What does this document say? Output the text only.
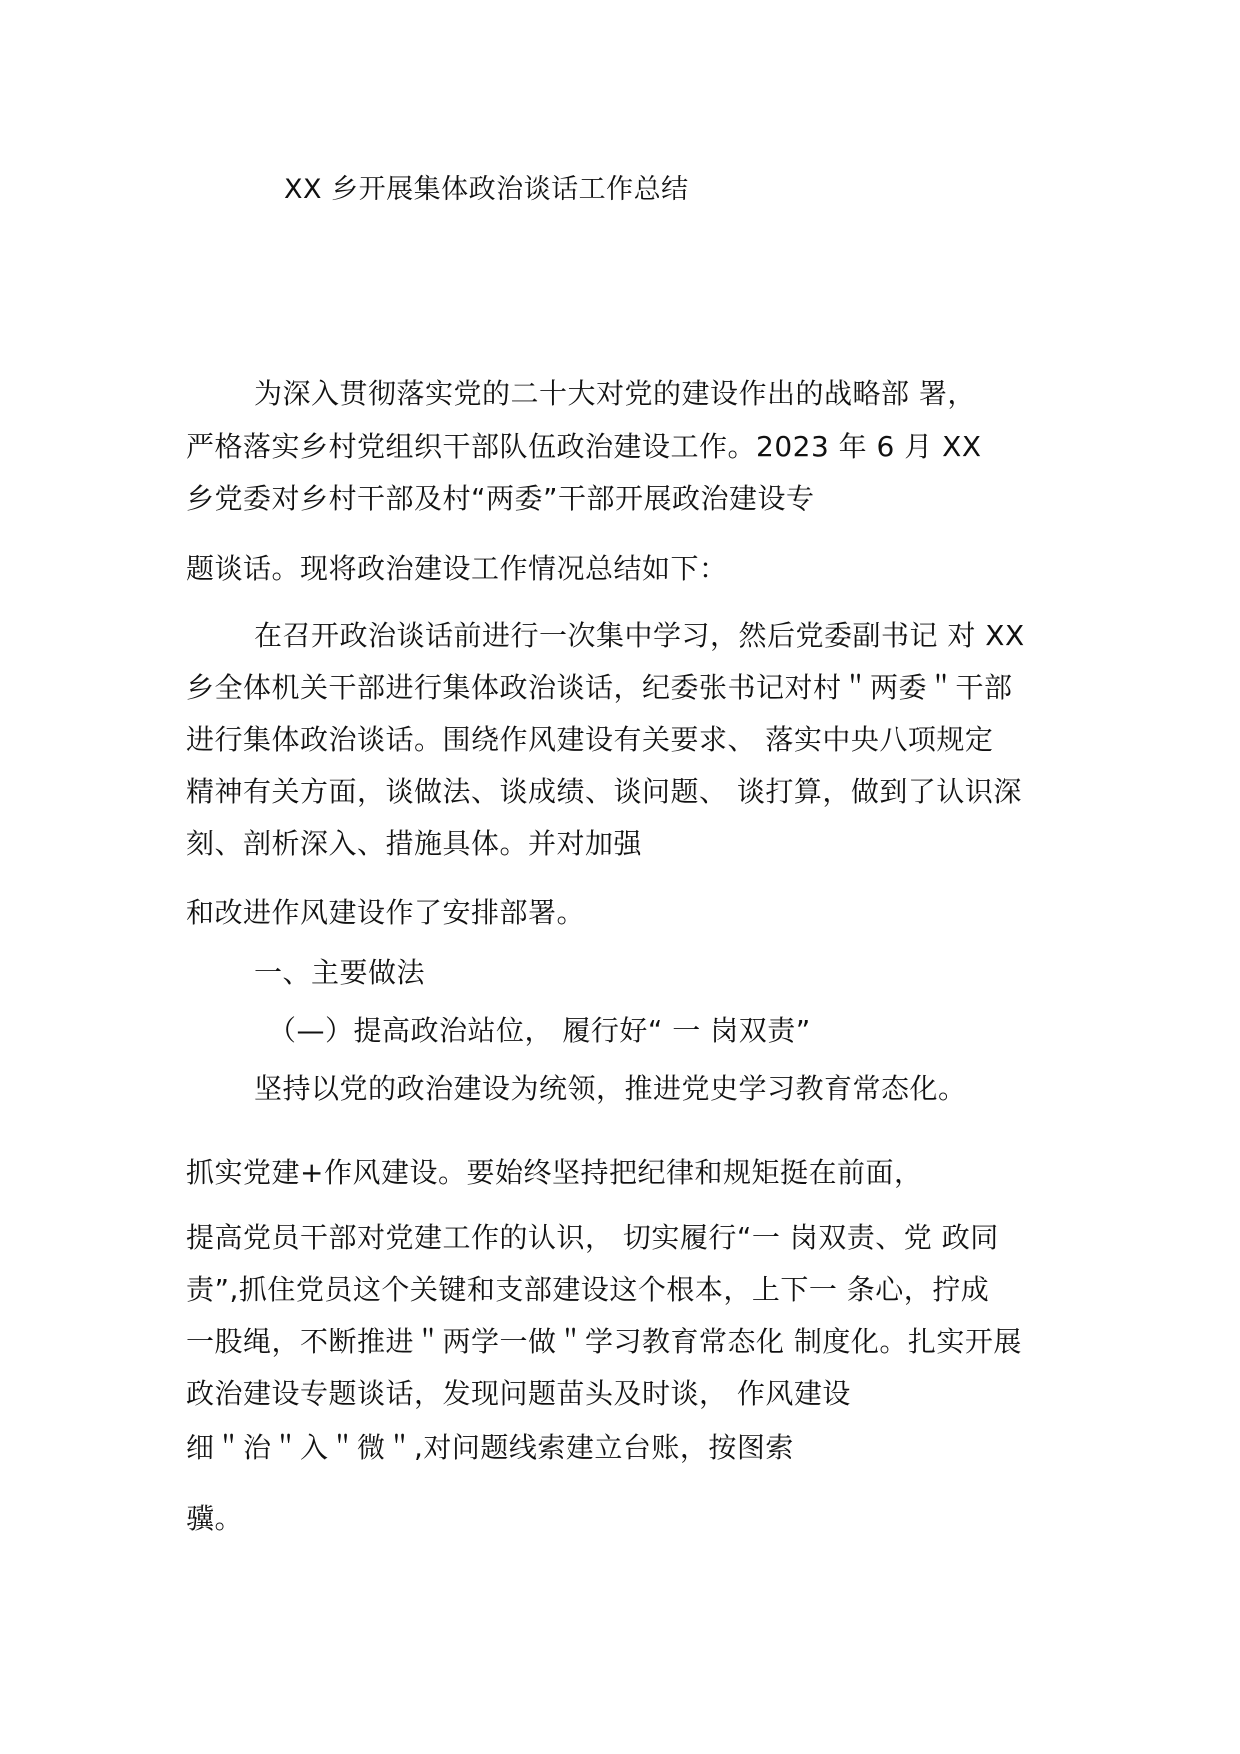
XX 乡开展集体政治谈话工作总结
为深入贯彻落实党的二十大对党的建设作出的战略部 署，
严格落实乡村党组织干部队伍政治建设工作。2023 年 6 月 XX
乡党委对乡村干部及村“两委”干部开展政治建设专
题谈话。现将政治建设工作情况总结如下：
在召开政治谈话前进行一次集中学习，然后党委副书记 对 XX
乡全体机关干部进行集体政治谈话，纪委张书记对村＂两委＂干部
进行集体政治谈话。围绕作风建设有关要求、 落实中央八项规定
精神有关方面，谈做法、谈成绩、谈问题、 谈打算，做到了认识深
刻、剖析深入、措施具体。并对加强
和改进作风建设作了安排部署。
一、主要做法
（—）提高政治站位， 履行好“ 一 岗双责”
坚持以党的政治建设为统领，推进党史学习教育常态化。
抓实党建+作风建设。要始终坚持把纪律和规矩挺在前面，
提高党员干部对党建工作的认识， 切实履行“一 岗双责、党 政同
责”,抓住党员这个关键和支部建设这个根本，上下一 条心，拧成
一股绳，不断推进＂两学一做＂学习教育常态化 制度化。扎实开展
政治建设专题谈话，发现问题苗头及时谈， 作风建设
细＂治＂入＂微＂,对问题线索建立台账，按图索
骥。
